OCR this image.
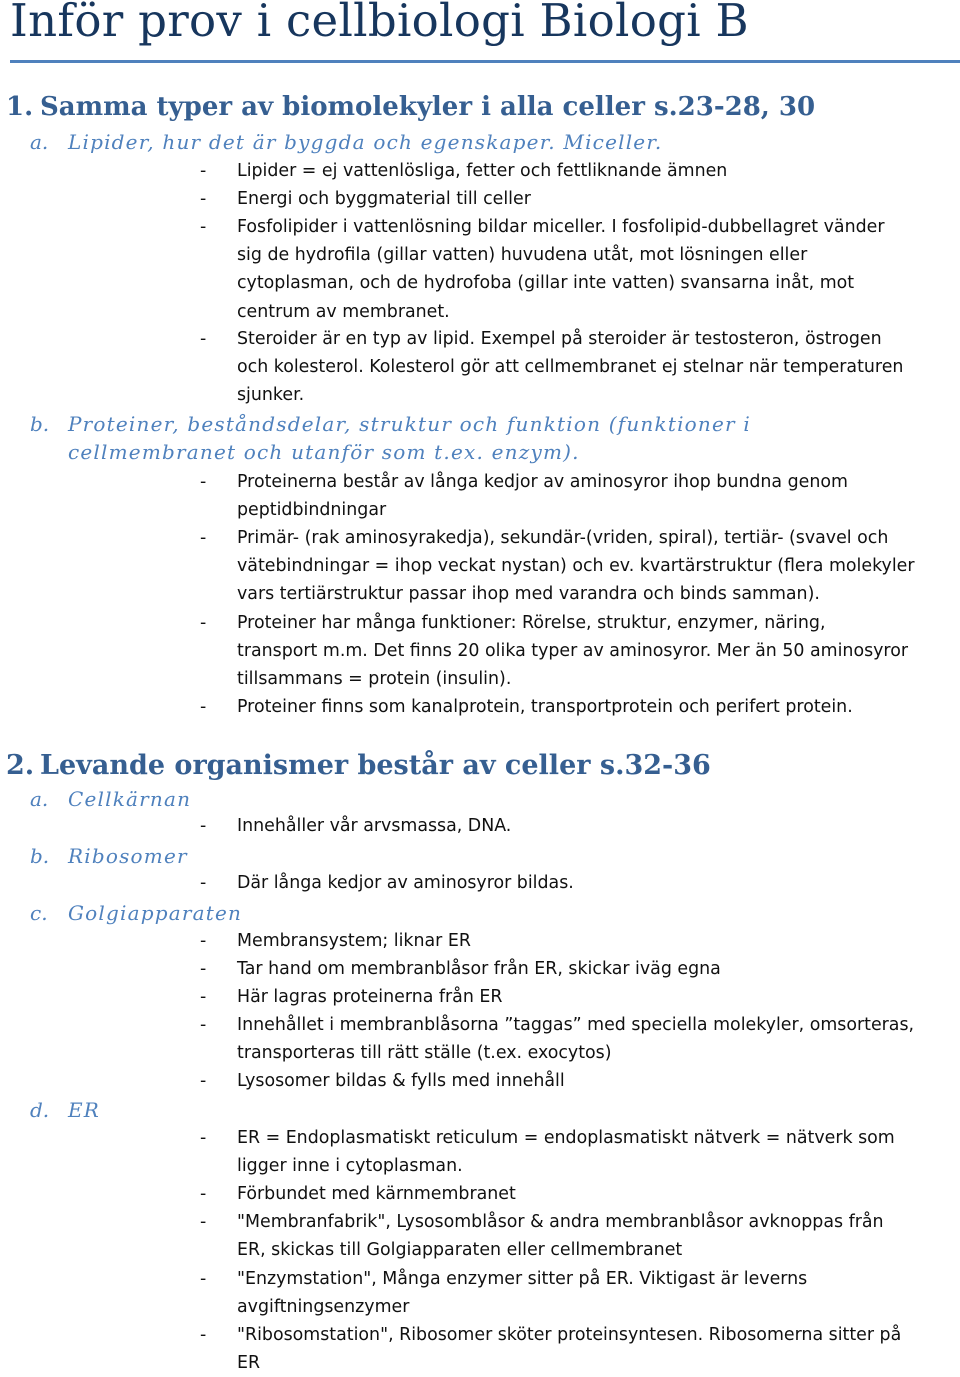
Inför prov i cellbiologi Biologi B
1. Samma typer av biomolekyler i alla celler s.23-28, 30
a. Lipider, hur det är byggda och egenskaper. Miceller.
- Lipider = ej vattenlösliga, fetter och fettliknande ämnen
- Energi och byggmaterial till celler
- Fosfolipider i vattenlösning bildar miceller. I fosfolipid-dubbellagret vänder
sig de hydrofila (gillar vatten) huvudena utåt, mot lösningen eller
cytoplasman, och de hydrofoba (gillar inte vatten) svansarna inåt, mot
centrum av membranet.
- Steroider är en typ av lipid. Exempel på steroider är testosteron, östrogen
och kolesterol. Kolesterol gör att cellmembranet ej stelnar när temperaturen
sjunker.
b. Proteiner, beståndsdelar, struktur och funktion (funktioner i
cellmembranet och utanför som t.ex. enzym).
- Proteinerna består av långa kedjor av aminosyror ihop bundna genom
peptidbindningar
- Primär- (rak aminosyrakedja), sekundär-(vriden, spiral), tertiär- (svavel och
vätebindningar = ihop veckat nystan) och ev. kvartärstruktur (flera molekyler
vars tertiärstruktur passar ihop med varandra och binds samman).
- Proteiner har många funktioner: Rörelse, struktur, enzymer, näring,
transport m.m. Det finns 20 olika typer av aminosyror. Mer än 50 aminosyror
tillsammans = protein (insulin).
- Proteiner finns som kanalprotein, transportprotein och perifert protein.
2. Levande organismer består av celler s.32-36
a. Cellkärnan
- Innehåller vår arvsmassa, DNA.
b. Ribosomer
- Där långa kedjor av aminosyror bildas.
c. Golgiapparaten
- Membransystem; liknar ER
- Tar hand om membranblåsor från ER, skickar iväg egna
- Här lagras proteinerna från ER
- Innehållet i membranblåsorna ”taggas” med speciella molekyler, omsorteras,
transporteras till rätt ställe (t.ex. exocytos)
- Lysosomer bildas & fylls med innehåll
d. ER
- ER = Endoplasmatiskt reticulum = endoplasmatiskt nätverk = nätverk som
ligger inne i cytoplasman.
- Förbundet med kärnmembranet
- "Membranfabrik", Lysosomblåsor & andra membranblåsor avknoppas från
ER, skickas till Golgiapparaten eller cellmembranet
- "Enzymstation", Många enzymer sitter på ER. Viktigast är leverns
avgiftningsenzymer
- "Ribosomstation", Ribosomer sköter proteinsyntesen. Ribosomerna sitter på
ER
